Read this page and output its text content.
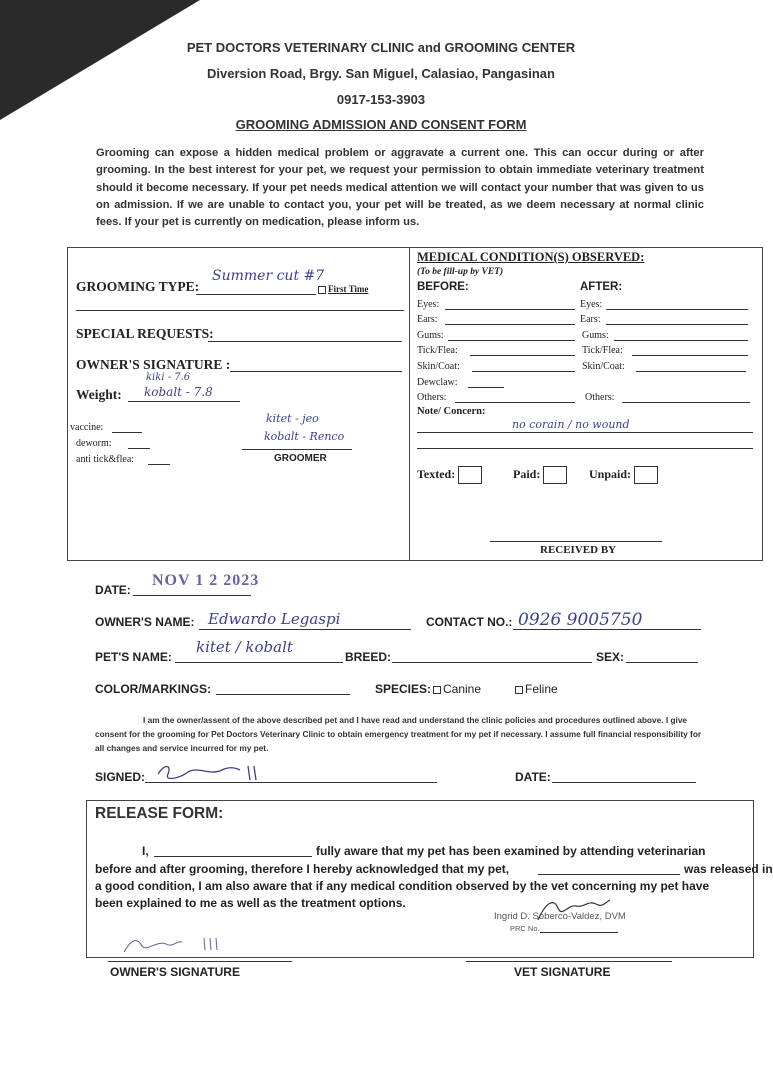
PET DOCTORS VETERINARY CLINIC and GROOMING CENTER
Diversion Road, Brgy. San Miguel, Calasiao, Pangasinan
0917-153-3903
GROOMING ADMISSION AND CONSENT FORM
Grooming can expose a hidden medical problem or aggravate a current one. This can occur during or after grooming. In the best interest for your pet, we request your permission to obtain immediate veterinary treatment should it become necessary. If your pet needs medical attention we will contact your number that was given to us on admission. If we are unable to contact you, your pet will be treated, as we deem necessary at normal clinic fees. If your pet is currently on medication, please inform us.
GROOMING TYPE:
Summer cut #7
First Time
SPECIAL REQUESTS:
OWNER'S SIGNATURE :
Weight:
kiki - 7.6
kobalt - 7.8
vaccine:
deworm:
anti tick&flea:
kitet - jeo
kobalt - Renco
GROOMER
MEDICAL CONDITION(S) OBSERVED:
(To be fill-up by VET)
BEFORE:	AFTER:
Eyes:	Eyes:
Ears:	Ears:
Gums:	Gums:
Tick/Flea:	Tick/Flea:
Skin/Coat:	Skin/Coat:
Dewclaw:
Others:	Others:
Note/ Concern:
no corain / no wound
Texted:	Paid:	Unpaid:
RECEIVED BY
DATE:
NOV 1 2 2023
OWNER'S NAME: Edwardo Legaspi	CONTACT NO.: 0926 9005750
PET'S NAME:
kitet / kobalt
BREED:	SEX:
COLOR/MARKINGS:	SPECIES: Canine	Feline
I am the owner/assent of the above described pet and I have read and understand the clinic policies and procedures outlined above. I give consent for the grooming for Pet Doctors Veterinary Clinic to obtain emergency treatment for my pet if necessary. I assume full financial responsibility for all changes and service incurred for my pet.
SIGNED:	DATE:
RELEASE FORM:
I,	fully aware that my pet has been examined by attending veterinarian
before and after grooming, therefore I hereby acknowledged that my pet,	was released in
a good condition, I am also aware that if any medical condition observed by the vet concerning my pet have
been explained to me as well as the treatment options.
Ingrid D. Soberco-Valdez, DVM
PRC No.
OWNER'S SIGNATURE	VET SIGNATURE
